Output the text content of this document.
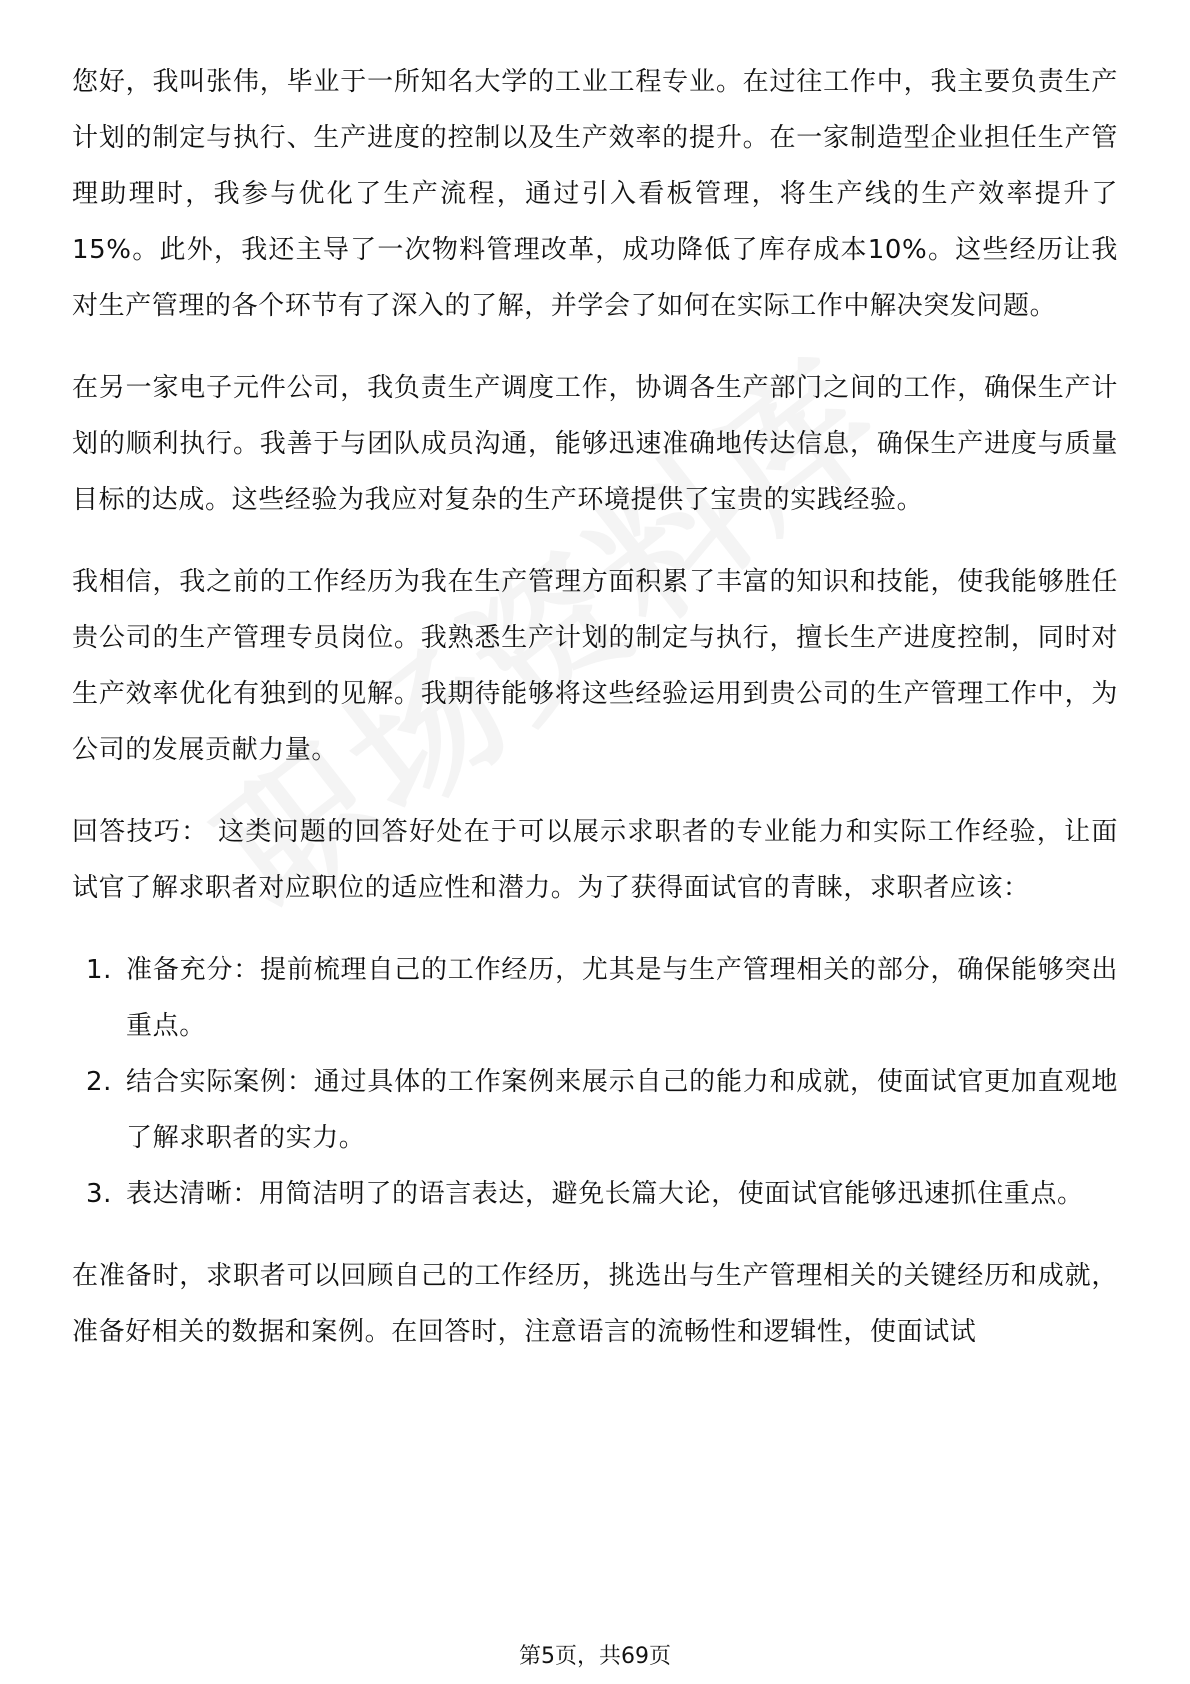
您好，我叫张伟，毕业于一所知名大学的工业工程专业。在过往工作中，我主要负责生产计划的制定与执行、生产进度的控制以及生产效率的提升。在一家制造型企业担任生产管理助理时，我参与优化了生产流程，通过引入看板管理，将生产线的生产效率提升了15%。此外，我还主导了一次物料管理改革，成功降低了库存成本10%。这些经历让我对生产管理的各个环节有了深入的了解，并学会了如何在实际工作中解决突发问题。

在另一家电子元件公司，我负责生产调度工作，协调各生产部门之间的工作，确保生产计划的顺利执行。我善于与团队成员沟通，能够迅速准确地传达信息，确保生产进度与质量目标的达成。这些经验为我应对复杂的生产环境提供了宝贵的实践经验。

我相信，我之前的工作经历为我在生产管理方面积累了丰富的知识和技能，使我能够胜任贵公司的生产管理专员岗位。我熟悉生产计划的制定与执行，擅长生产进度控制，同时对生产效率优化有独到的见解。我期待能够将这些经验运用到贵公司的生产管理工作中，为公司的发展贡献力量。

回答技巧： 这类问题的回答好处在于可以展示求职者的专业能力和实际工作经验，让面试官了解求职者对应职位的适应性和潜力。为了获得面试官的青睐，求职者应该：

1. 准备充分：提前梳理自己的工作经历，尤其是与生产管理相关的部分，确保能够突出重点。
2. 结合实际案例：通过具体的工作案例来展示自己的能力和成就，使面试官更加直观地了解求职者的实力。
3. 表达清晰：用简洁明了的语言表达，避免长篇大论，使面试官能够迅速抓住重点。

在准备时，求职者可以回顾自己的工作经历，挑选出与生产管理相关的关键经历和成就，准备好相关的数据和案例。在回答时，注意语言的流畅性和逻辑性，使面试试

第5页，共69页
